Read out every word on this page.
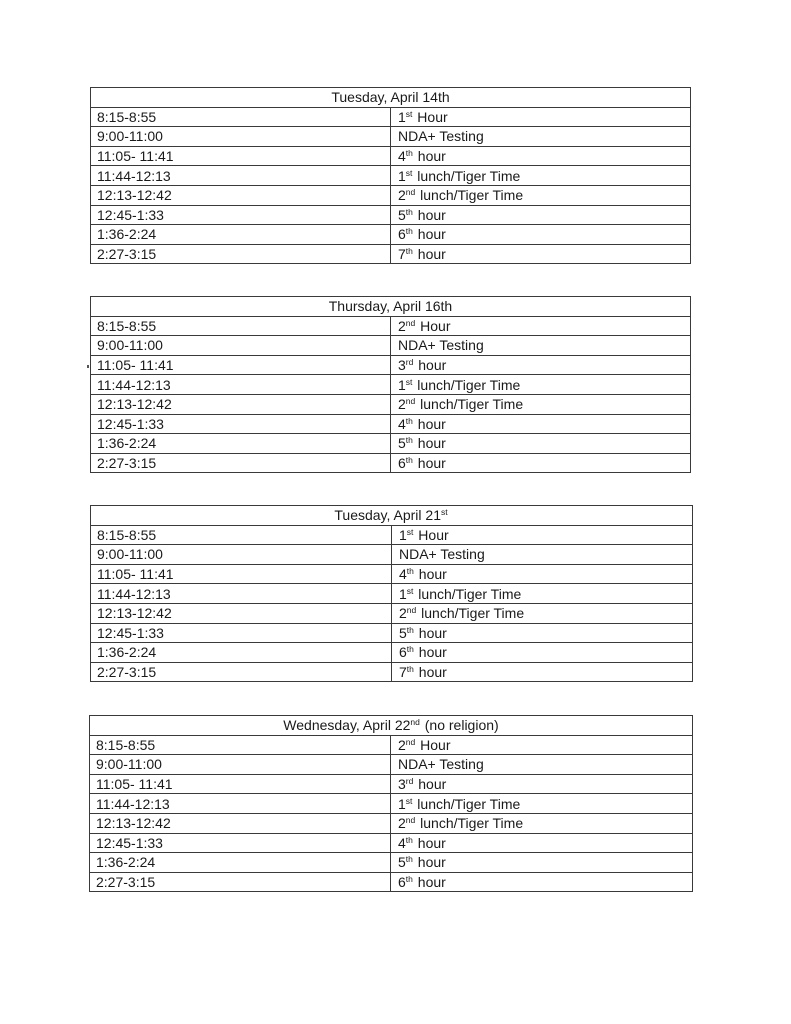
Tuesday, April 14th	
8:15-8:55	1st Hour
9:00-11:00	NDA+ Testing
11:05- 11:41	4th hour
11:44-12:13	1st lunch/Tiger Time
12:13-12:42	2nd lunch/Tiger Time
12:45-1:33	5th hour
1:36-2:24	6th hour
2:27-3:15	7th hour
Thursday, April 16th	
8:15-8:55	2nd Hour
9:00-11:00	NDA+ Testing
11:05- 11:41	3rd hour
11:44-12:13	1st lunch/Tiger Time
12:13-12:42	2nd lunch/Tiger Time
12:45-1:33	4th hour
1:36-2:24	5th hour
2:27-3:15	6th hour
Tuesday, April 21st
8:15-8:55	1st Hour
9:00-11:00	NDA+ Testing
11:05- 11:41	4th hour
11:44-12:13	1st lunch/Tiger Time
12:13-12:42	2nd lunch/Tiger Time
12:45-1:33	5th hour
1:36-2:24	6th hour
2:27-3:15	7th hour
Wednesday, April 22nd (no religion)	
8:15-8:55	2nd Hour
9:00-11:00	NDA+ Testing
11:05- 11:41	3rd hour
11:44-12:13	1st lunch/Tiger Time
12:13-12:42	2nd lunch/Tiger Time
12:45-1:33	4th hour
1:36-2:24	5th hour
2:27-3:15	6th hour
